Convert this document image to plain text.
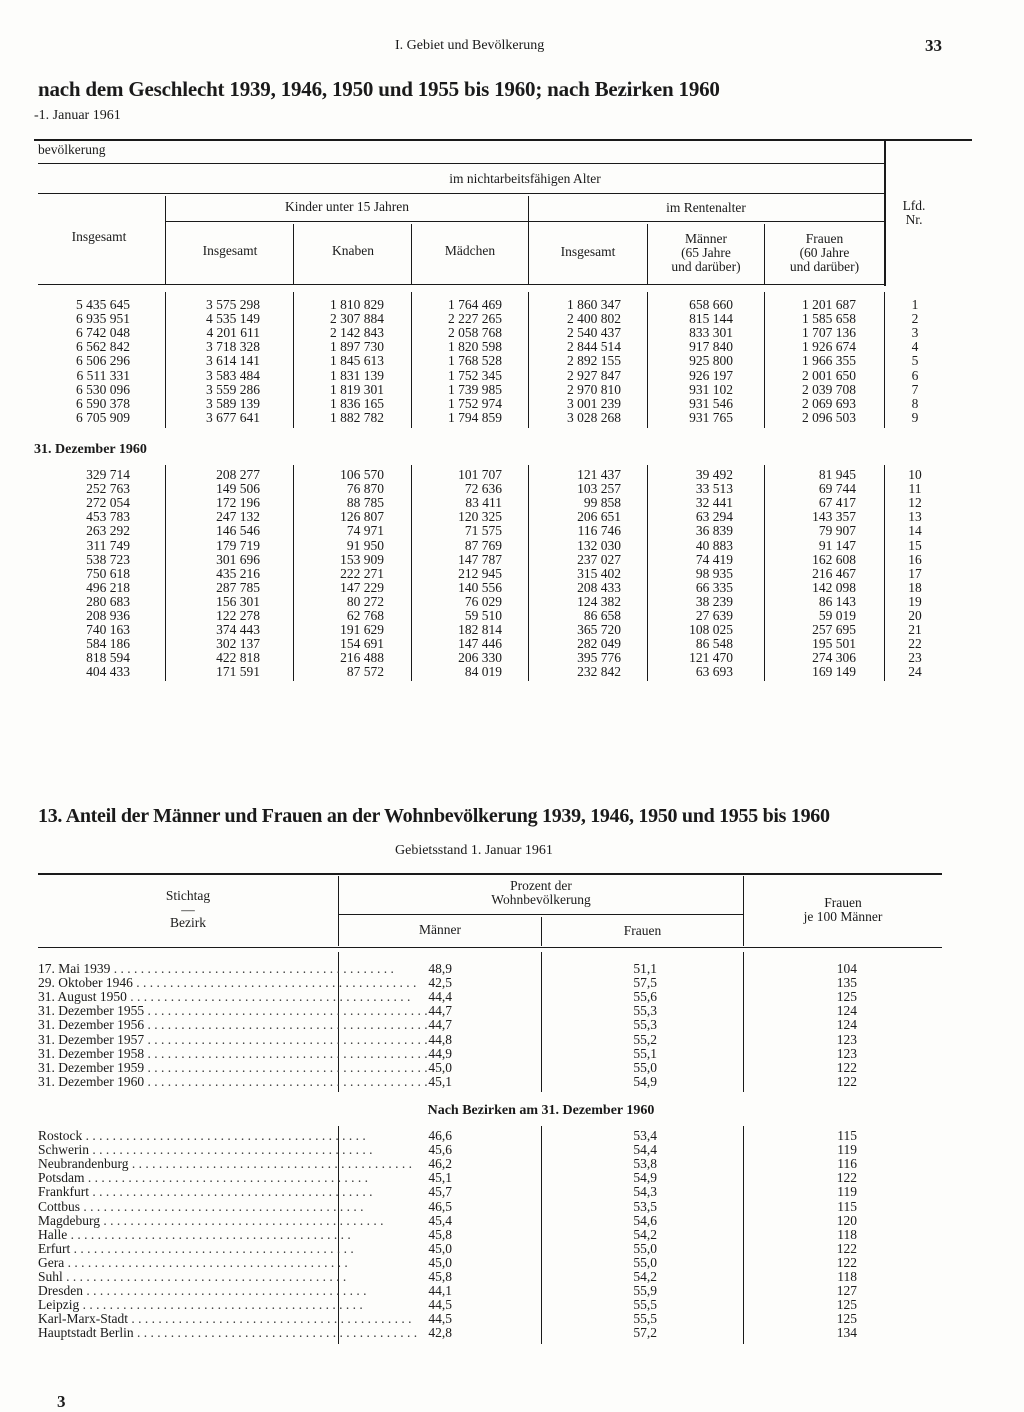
I. Gebiet und Bevölkerung	33
nach dem Geschlecht 1939, 1946, 1950 und 1955 bis 1960; nach Bezirken 1960
-1. Januar 1961
bevölkerung
im nichtarbeitsfähigen Alter
Kinder unter 15 Jahren	im Rentenalter
Insgesamt
Insgesamt	Knaben	Mädchen	Insgesamt
Männer
(65 Jahre
und darüber)
Frauen
(60 Jahre
und darüber)
Lfd.
Nr.
5 435 645	3 575 298	1 810 829	1 764 469	1 860 347	658 660	1 201 687	1
6 935 951	4 535 149	2 307 884	2 227 265	2 400 802	815 144	1 585 658	2
6 742 048	4 201 611	2 142 843	2 058 768	2 540 437	833 301	1 707 136	3
6 562 842	3 718 328	1 897 730	1 820 598	2 844 514	917 840	1 926 674	4
6 506 296	3 614 141	1 845 613	1 768 528	2 892 155	925 800	1 966 355	5
6 511 331	3 583 484	1 831 139	1 752 345	2 927 847	926 197	2 001 650	6
6 530 096	3 559 286	1 819 301	1 739 985	2 970 810	931 102	2 039 708	7
6 590 378	3 589 139	1 836 165	1 752 974	3 001 239	931 546	2 069 693	8
6 705 909	3 677 641	1 882 782	1 794 859	3 028 268	931 765	2 096 503	9
31. Dezember 1960
329 714	208 277	106 570	101 707	121 437	39 492	81 945	10
252 763	149 506	76 870	72 636	103 257	33 513	69 744	11
272 054	172 196	88 785	83 411	99 858	32 441	67 417	12
453 783	247 132	126 807	120 325	206 651	63 294	143 357	13
263 292	146 546	74 971	71 575	116 746	36 839	79 907	14
311 749	179 719	91 950	87 769	132 030	40 883	91 147	15
538 723	301 696	153 909	147 787	237 027	74 419	162 608	16
750 618	435 216	222 271	212 945	315 402	98 935	216 467	17
496 218	287 785	147 229	140 556	208 433	66 335	142 098	18
280 683	156 301	80 272	76 029	124 382	38 239	86 143	19
208 936	122 278	62 768	59 510	86 658	27 639	59 019	20
740 163	374 443	191 629	182 814	365 720	108 025	257 695	21
584 186	302 137	154 691	147 446	282 049	86 548	195 501	22
818 594	422 818	216 488	206 330	395 776	121 470	274 306	23
404 433	171 591	87 572	84 019	232 842	63 693	169 149	24
13. Anteil der Männer und Frauen an der Wohnbevölkerung 1939, 1946, 1950 und 1955 bis 1960
Gebietsstand 1. Januar 1961
Stichtag
—
Bezirk
Prozent der
Wohnbevölkerung
Männer	Frauen
Frauen
je 100 Männer
17. Mai 1939 . . . . . . . . . . . . . . . . . . . . . . . . . . . . . . . . . . . . . . . . . .	48,9	51,1	104
29. Oktober 1946 . . . . . . . . . . . . . . . . . . . . . . . . . . . . . . . . . . . . . . . . . . 42,5	57,5	135
31. August 1950 . . . . . . . . . . . . . . . . . . . . . . . . . . . . . . . . . . . . . . . . . .	44,4	55,6	125
31. Dezember 1955 . . . . . . . . . . . . . . . . . . . . . . . . . . . . . . . . . . . . . . . . . . 44,7	55,3	124
31. Dezember 1956 . . . . . . . . . . . . . . . . . . . . . . . . . . . . . . . . . . . . . . . . . . 44,7	55,3	124
31. Dezember 1957 . . . . . . . . . . . . . . . . . . . . . . . . . . . . . . . . . . . . . . . . . . 44,8	55,2	123
31. Dezember 1958 . . . . . . . . . . . . . . . . . . . . . . . . . . . . . . . . . . . . . . . . . . 44,9	55,1	123
31. Dezember 1959 . . . . . . . . . . . . . . . . . . . . . . . . . . . . . . . . . . . . . . . . . . 45,0	55,0	122
31. Dezember 1960 . . . . . . . . . . . . . . . . . . . . . . . . . . . . . . . . . . . . . . . . . . 45,1	54,9	122
Nach Bezirken am 31. Dezember 1960
Rostock . . . . . . . . . . . . . . . . . . . . . . . . . . . . . . . . . . . . . . . . . .	46,6	53,4	115
Schwerin . . . . . . . . . . . . . . . . . . . . . . . . . . . . . . . . . . . . . . . . . .	45,6	54,4	119
Neubrandenburg . . . . . . . . . . . . . . . . . . . . . . . . . . . . . . . . . . . . . . . . . .	46,2	53,8	116
Potsdam . . . . . . . . . . . . . . . . . . . . . . . . . . . . . . . . . . . . . . . . . .	45,1	54,9	122
Frankfurt . . . . . . . . . . . . . . . . . . . . . . . . . . . . . . . . . . . . . . . . . .	45,7	54,3	119
Cottbus . . . . . . . . . . . . . . . . . . . . . . . . . . . . . . . . . . . . . . . . . .	46,5	53,5	115
Magdeburg . . . . . . . . . . . . . . . . . . . . . . . . . . . . . . . . . . . . . . . . . .	45,4	54,6	120
Halle . . . . . . . . . . . . . . . . . . . . . . . . . . . . . . . . . . . . . . . . . .	45,8	54,2	118
Erfurt . . . . . . . . . . . . . . . . . . . . . . . . . . . . . . . . . . . . . . . . . .	45,0	55,0	122
Gera . . . . . . . . . . . . . . . . . . . . . . . . . . . . . . . . . . . . . . . . . .	45,0	55,0	122
Suhl . . . . . . . . . . . . . . . . . . . . . . . . . . . . . . . . . . . . . . . . . .	45,8	54,2	118
Dresden . . . . . . . . . . . . . . . . . . . . . . . . . . . . . . . . . . . . . . . . . .	44,1	55,9	127
Leipzig . . . . . . . . . . . . . . . . . . . . . . . . . . . . . . . . . . . . . . . . . .	44,5	55,5	125
Karl-Marx-Stadt . . . . . . . . . . . . . . . . . . . . . . . . . . . . . . . . . . . . . . . . . .	44,5	55,5	125
Hauptstadt Berlin . . . . . . . . . . . . . . . . . . . . . . . . . . . . . . . . . . . . . . . . . . 42,8	57,2	134
3
